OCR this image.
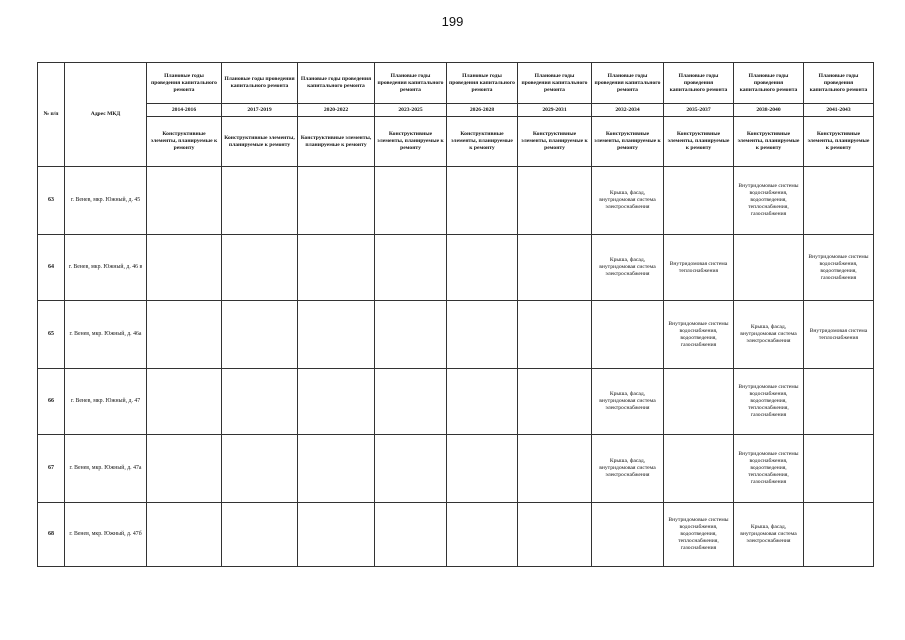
199
№ п/п	Адрес МКД	Плановые годы проведения капитального ремонта	Плановые годы проведения капитального ремонта	Плановые годы проведения капитального ремонта	Плановые годы проведения капитального ремонта	Плановые годы проведения капитального ремонта	Плановые годы проведения капитального ремонта	Плановые годы проведения капитального ремонта	Плановые годы проведения капитального ремонта	Плановые годы проведения капитального ремонта	Плановые годы проведения капитального ремонта
		2014-2016	2017-2019	2020-2022	2023-2025	2026-2028	2029-2031	2032-2034	2035-2037	2038-2040	2041-2043
		Конструктивные элементы, планируемые к ремонту	Конструктивные элементы, планируемые к ремонту	Конструктивные элементы, планируемые к ремонту	Конструктивные элементы, планируемые к ремонту	Конструктивные элементы, планируемые к ремонту	Конструктивные элементы, планируемые к ремонту	Конструктивные элементы, планируемые к ремонту	Конструктивные элементы, планируемые к ремонту	Конструктивные элементы, планируемые к ремонту	Конструктивные элементы, планируемые к ремонту
63	г. Венев, мкр. Южный, д. 45							Крыша, фасад, внутридомовая система электроснабжения		Внутридомовые системы водоснабжения, водоотведения, теплоснабжения, газоснабжения	
64	г. Венев, мкр. Южный, д. 46 в							Крыша, фасад, внутридомовая система электроснабжения	Внутридомовая система теплоснабжения		Внутридомовые системы водоснабжения, водоотведения, газоснабжения
65	г. Венев, мкр. Южный, д. 46а								Внутридомовые системы водоснабжения, водоотведения, газоснабжения	Крыша, фасад, внутридомовая система электроснабжения	Внутридомовая система теплоснабжения
66	г. Венев, мкр. Южный, д. 47							Крыша, фасад, внутридомовая система электроснабжения		Внутридомовые системы водоснабжения, водоотведения, теплоснабжения, газоснабжения	
67	г. Венев, мкр. Южный, д. 47а							Крыша, фасад, внутридомовая система электроснабжения		Внутридомовые системы водоснабжения, водоотведения, теплоснабжения, газоснабжения	
68	г. Венев, мкр. Южный, д. 47б								Внутридомовые системы водоснабжения, водоотведения, теплоснабжения, газоснабжения	Крыша, фасад, внутридомовая система электроснабжения	
